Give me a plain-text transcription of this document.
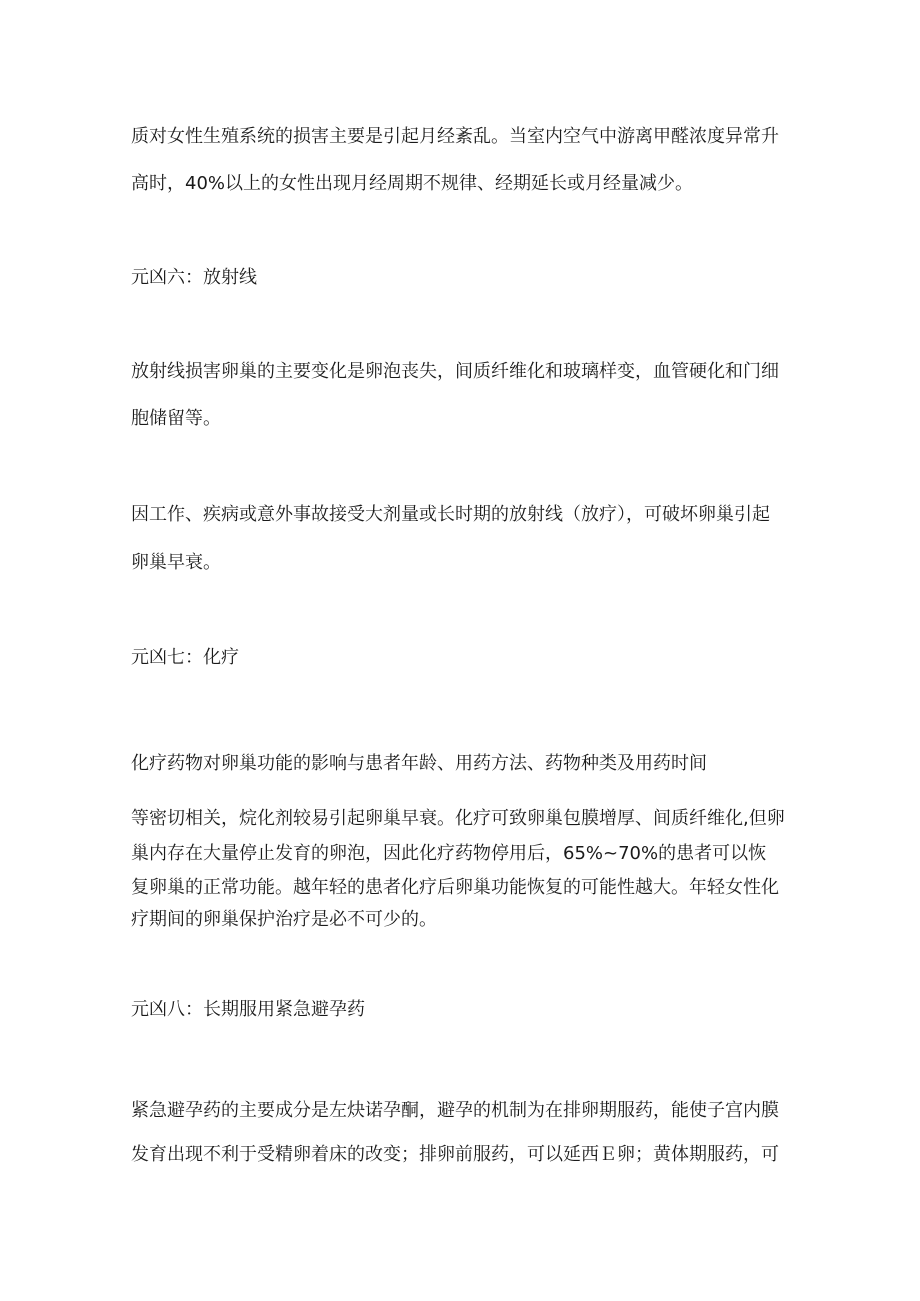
质对女性生殖系统的损害主要是引起月经紊乱。当室内空气中游离甲醛浓度异常升
高时，40%以上的女性出现月经周期不规律、经期延长或月经量减少。
元凶六：放射线
放射线损害卵巢的主要变化是卵泡丧失，间质纤维化和玻璃样变，血管硬化和门细
胞储留等。
因工作、疾病或意外事故接受大剂量或长时期的放射线（放疗），可破坏卵巢引起
卵巢早衰。
元凶七：化疗
化疗药物对卵巢功能的影响与患者年龄、用药方法、药物种类及用药时间
等密切相关，烷化剂较易引起卵巢早衰。化疗可致卵巢包膜增厚、间质纤维化,但卵
巢内存在大量停止发育的卵泡，因此化疗药物停用后，65%~70%的患者可以恢
复卵巢的正常功能。越年轻的患者化疗后卵巢功能恢复的可能性越大。年轻女性化
疗期间的卵巢保护治疗是必不可少的。
元凶八：长期服用紧急避孕药
紧急避孕药的主要成分是左炔诺孕酮，避孕的机制为在排卵期服药，能使子宫内膜
发育出现不利于受精卵着床的改变；排卵前服药，可以延西Ｅ卵；黄体期服药，可
